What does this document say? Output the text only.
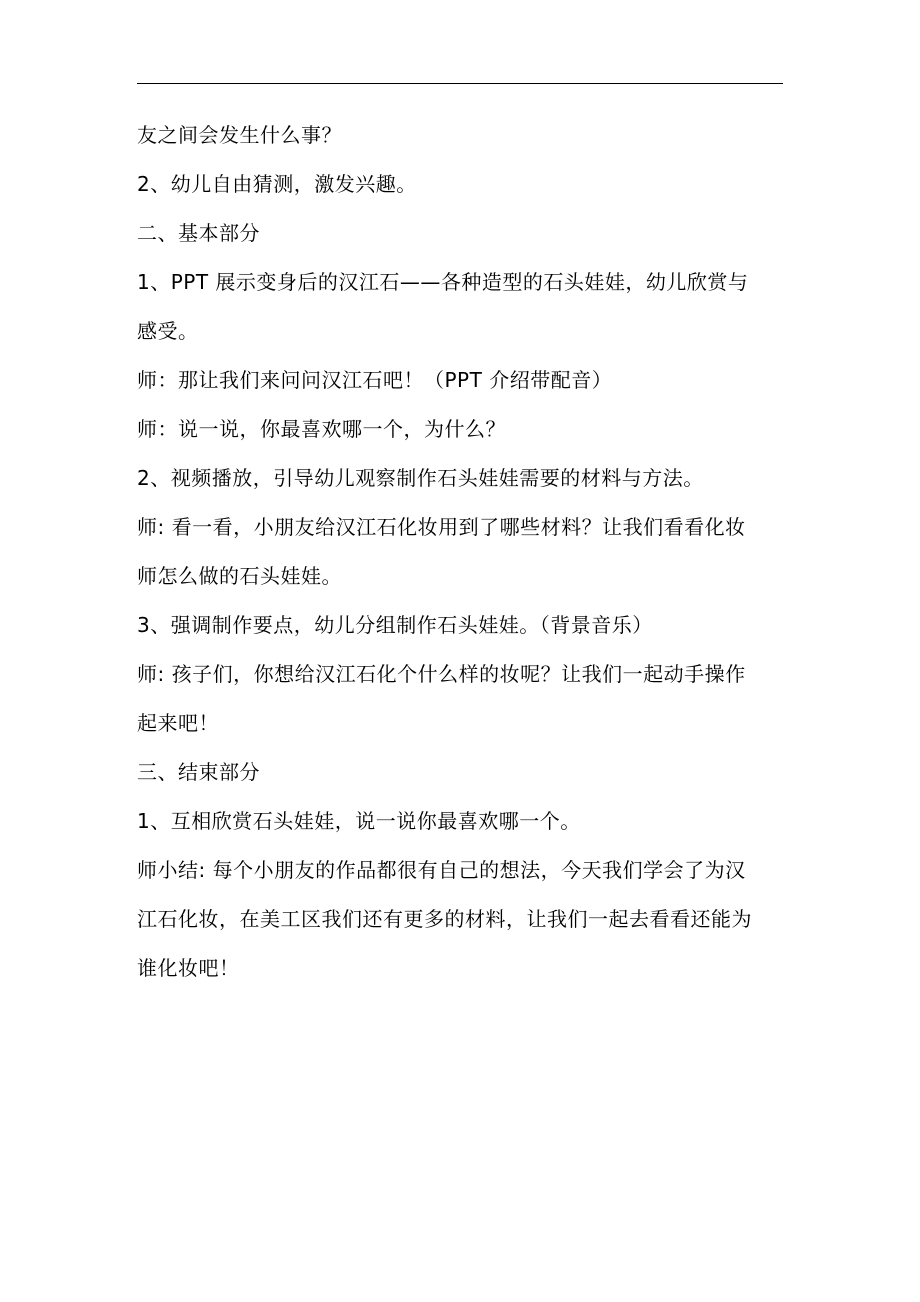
友之间会发生什么事？
2、幼儿自由猜测，激发兴趣。
二、基本部分
1、PPT 展示变身后的汉江石——各种造型的石头娃娃，幼儿欣赏与
感受。
师：那让我们来问问汉江石吧！（PPT 介绍带配音）
师：说一说，你最喜欢哪一个，为什么？
2、视频播放，引导幼儿观察制作石头娃娃需要的材料与方法。
师: 看一看，小朋友给汉江石化妆用到了哪些材料？让我们看看化妆
师怎么做的石头娃娃。
3、强调制作要点，幼儿分组制作石头娃娃。（背景音乐）
师: 孩子们，你想给汉江石化个什么样的妆呢？让我们一起动手操作
起来吧！
三、结束部分
1、互相欣赏石头娃娃，说一说你最喜欢哪一个。
师小结: 每个小朋友的作品都很有自己的想法，今天我们学会了为汉
江石化妆，在美工区我们还有更多的材料，让我们一起去看看还能为
谁化妆吧！
